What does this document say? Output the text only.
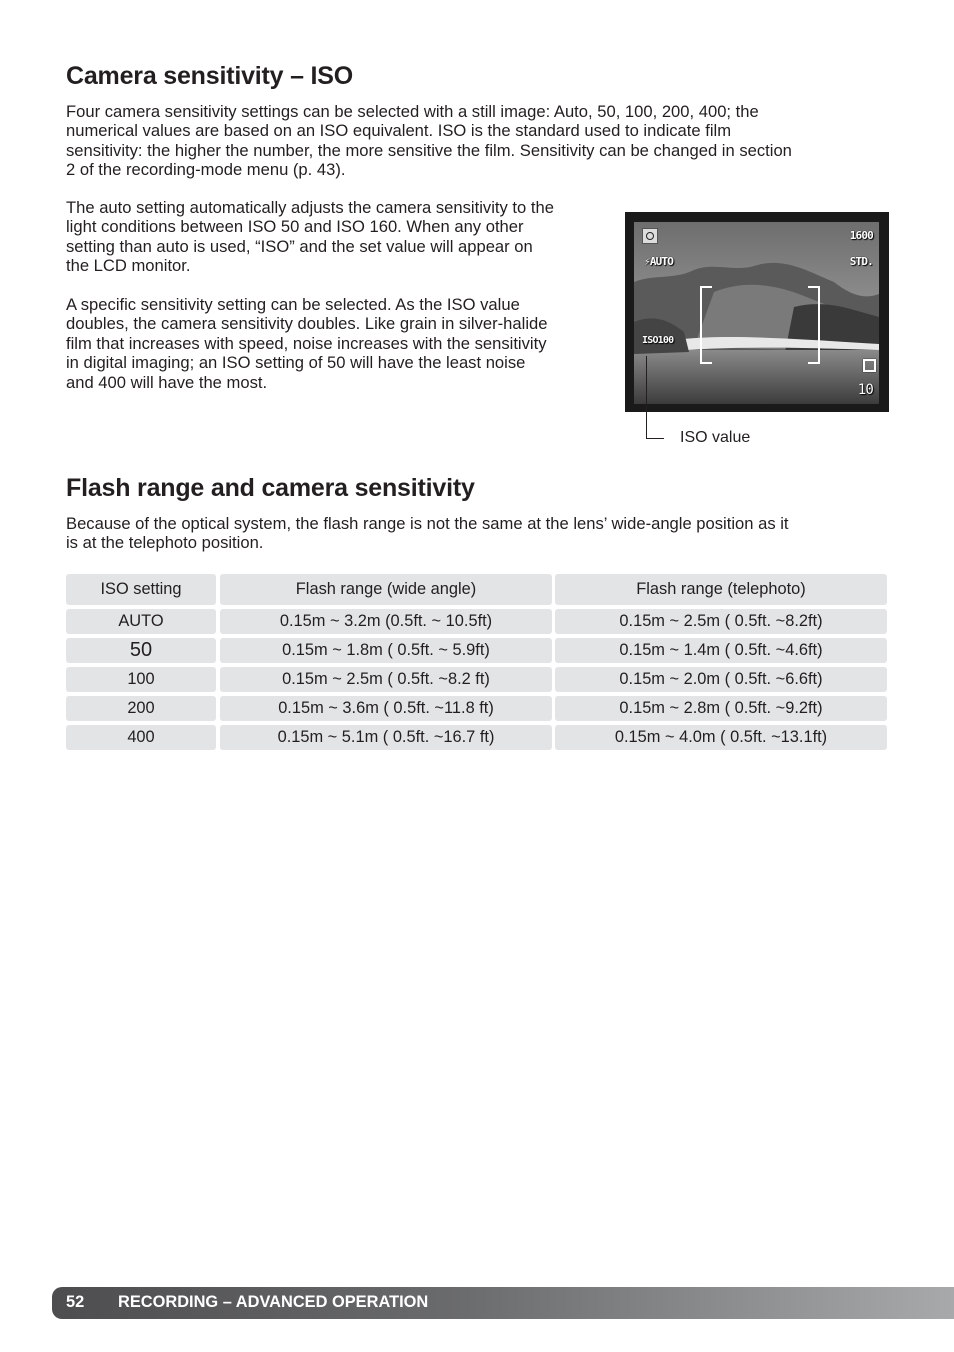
Camera sensitivity – ISO

Four camera sensitivity settings can be selected with a still image: Auto, 50, 100, 200, 400; the
numerical values are based on an ISO equivalent. ISO is the standard used to indicate film
sensitivity: the higher the number, the more sensitive the film. Sensitivity can be changed in section
2 of the recording-mode menu (p. 43).

The auto setting automatically adjusts the camera sensitivity to the
light conditions between ISO 50 and ISO 160. When any other
setting than auto is used, “ISO” and the set value will appear on
the LCD monitor.

A specific sensitivity setting can be selected. As the ISO value
doubles, the camera sensitivity doubles. Like grain in silver-halide
film that increases with speed, noise increases with the sensitivity
in digital imaging; an ISO setting of 50 will have the least noise
and 400 will have the most.

1600
STD.
⚡AUTO
ISO100
10
ISO value
Flash range and camera sensitivity

Because of the optical system, the flash range is not the same at the lens’ wide-angle position as it
is at the telephoto position.

ISO setting	Flash range (wide angle)	Flash range (telephoto)
AUTO	0.15m ~ 3.2m (0.5ft. ~ 10.5ft)	0.15m ~ 2.5m ( 0.5ft. ~8.2ft)
50	0.15m ~ 1.8m ( 0.5ft. ~ 5.9ft)	0.15m ~ 1.4m ( 0.5ft. ~4.6ft)
100	0.15m ~ 2.5m ( 0.5ft. ~8.2 ft)	0.15m ~ 2.0m ( 0.5ft. ~6.6ft)
200	0.15m ~ 3.6m ( 0.5ft. ~11.8 ft)	0.15m ~ 2.8m ( 0.5ft. ~9.2ft)
400	0.15m ~ 5.1m ( 0.5ft. ~16.7 ft)	0.15m ~ 4.0m ( 0.5ft. ~13.1ft)
52 RECORDING – ADVANCED OPERATION
